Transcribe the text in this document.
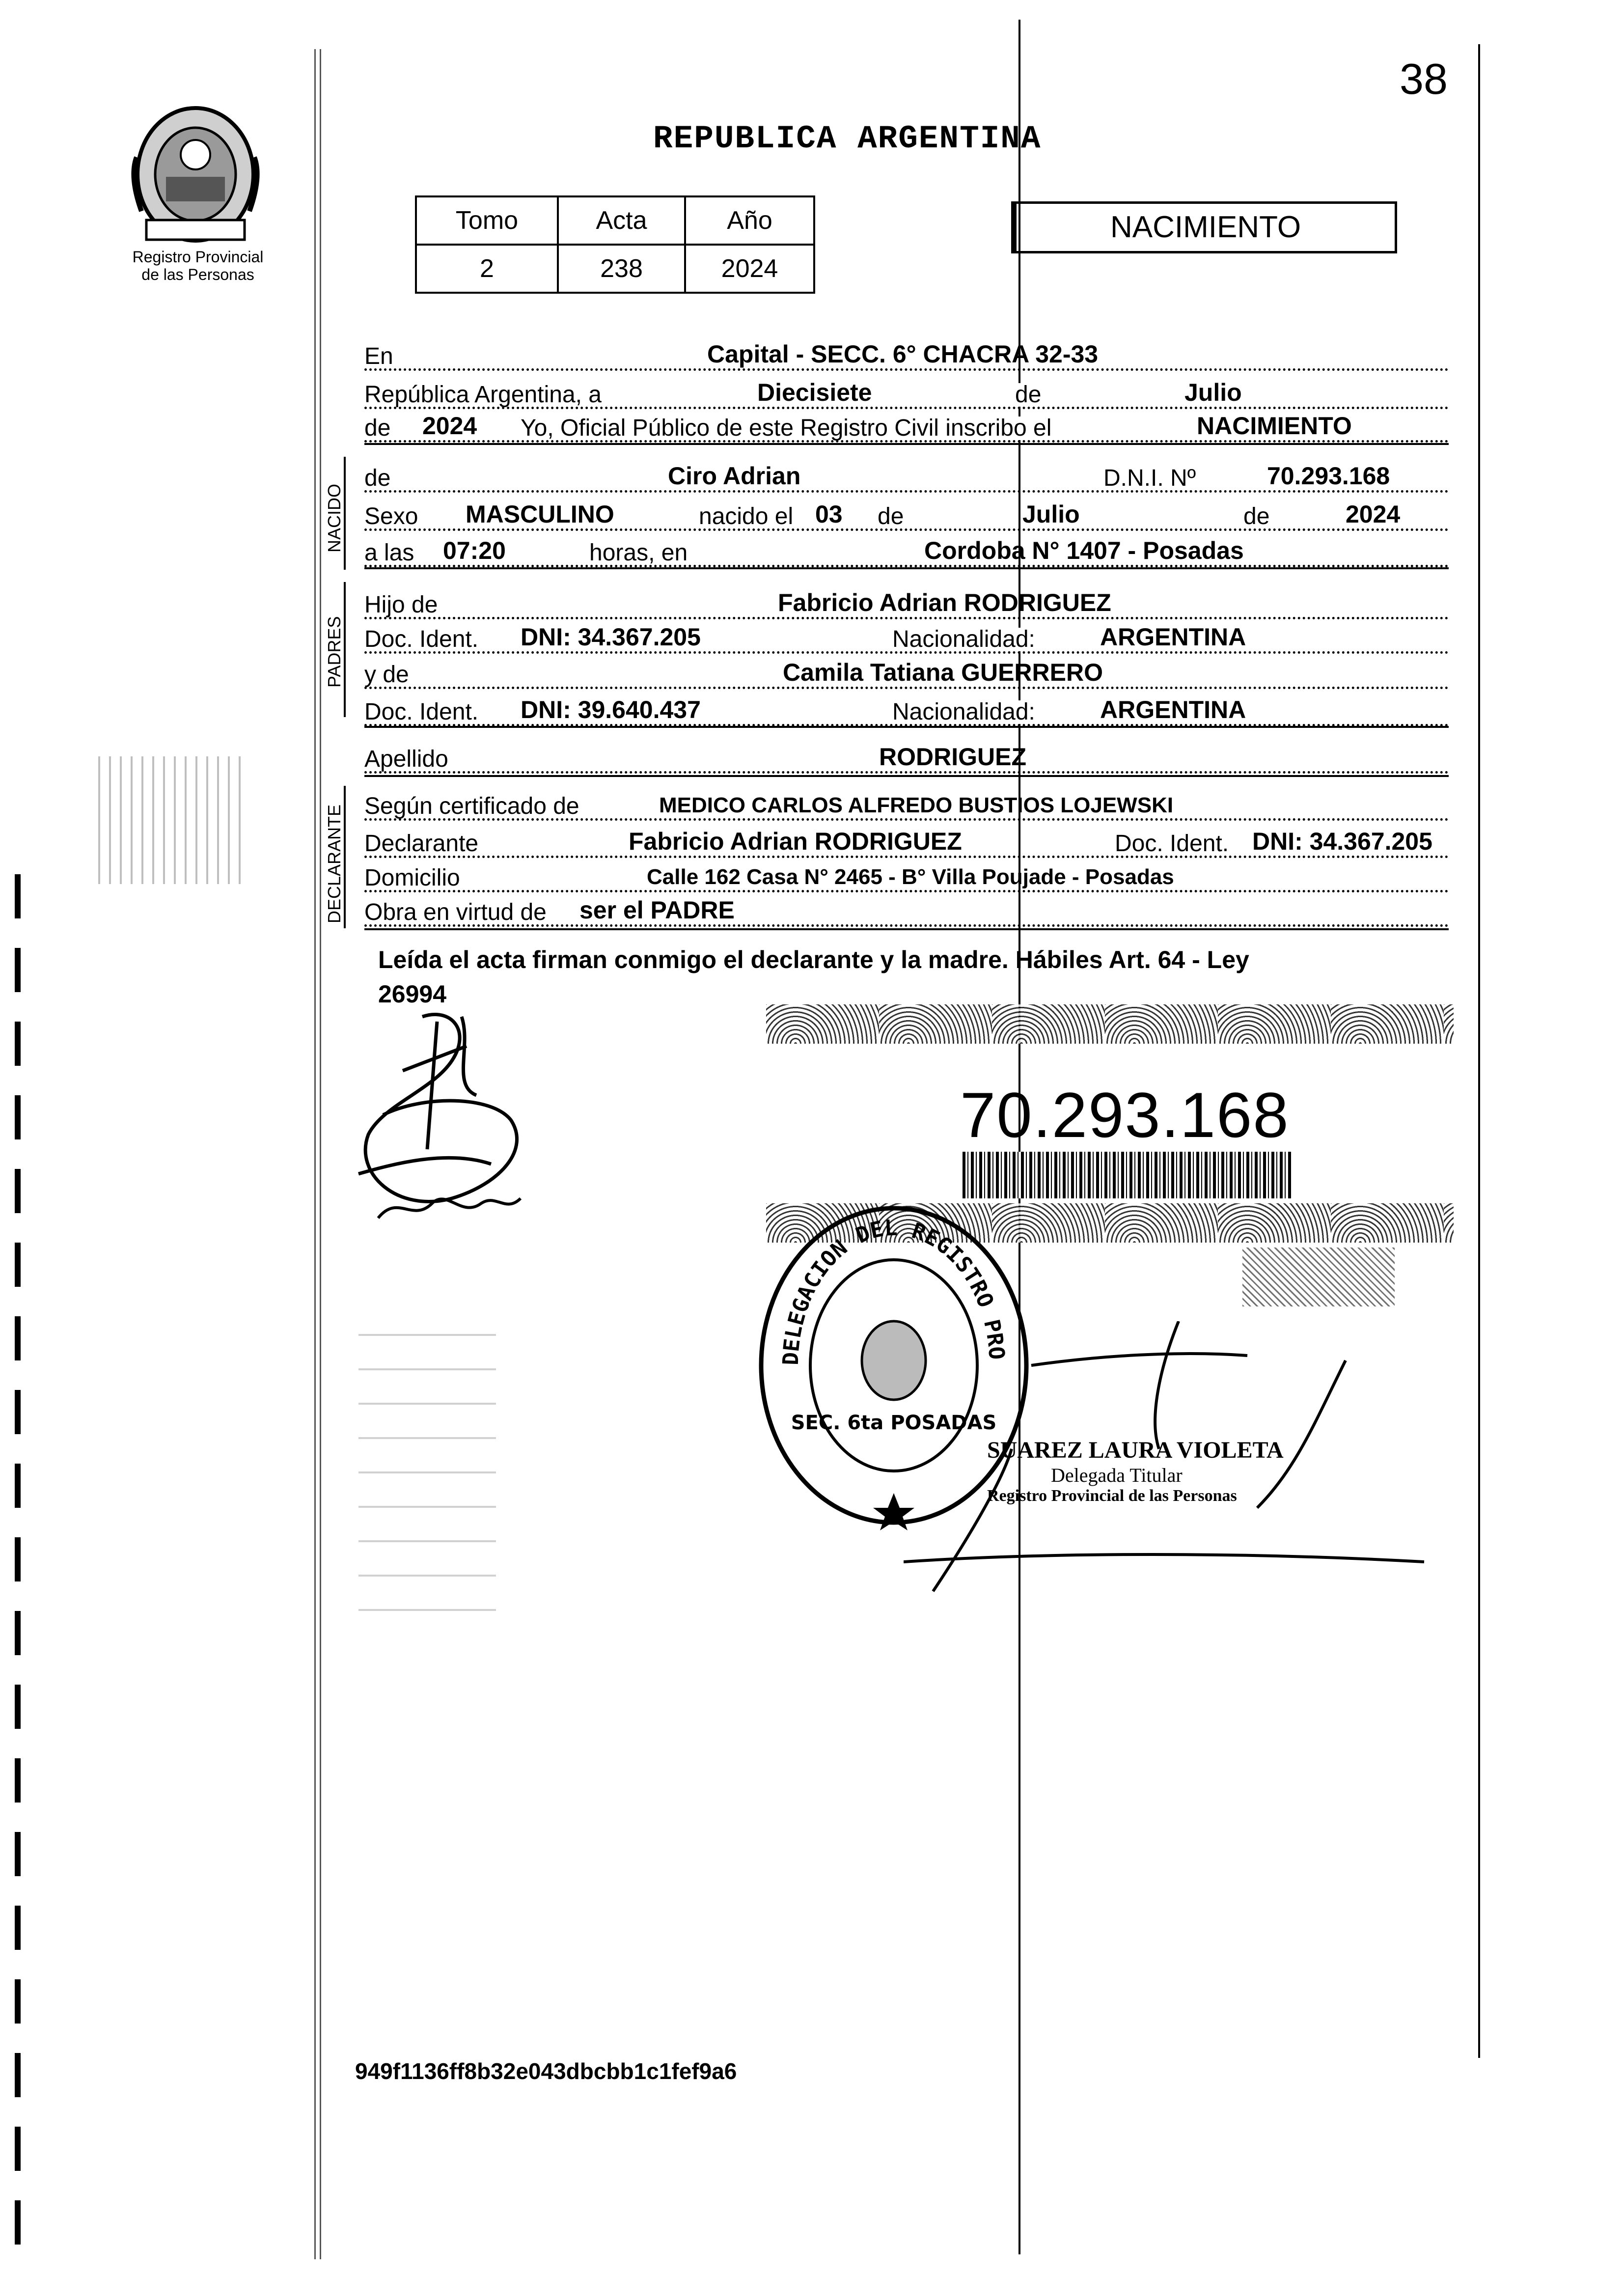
38
Registro Provincial
de las Personas
REPUBLICA ARGENTINA
Tomo	Acta	Año
2	238	2024
NACIMIENTO
En	Capital - SECC. 6° CHACRA 32-33
República Argentina, a	Diecisiete	de	Julio
de 2024 Yo, Oficial Público de este Registro Civil inscribo el	NACIMIENTO
NACIDO
de	Ciro Adrian	D.N.I. Nº	70.293.168
Sexo MASCULINO	nacido el 03 de	Julio	de	2024
a las 07:20	horas, en	Cordoba N° 1407 - Posadas
PADRES
Hijo de	Fabricio Adrian RODRIGUEZ
Doc. Ident. DNI: 34.367.205	Nacionalidad:	ARGENTINA
y de	Camila Tatiana GUERRERO
Doc. Ident. DNI: 39.640.437	Nacionalidad:	ARGENTINA
Apellido	RODRIGUEZ
DECLARANTE Según certificado de	MEDICO CARLOS ALFREDO BUSTIOS LOJEWSKI
Declarante	Fabricio Adrian RODRIGUEZ	Doc. Ident. DNI: 34.367.205
Domicilio	Calle 162 Casa N° 2465 - B° Villa Poujade - Posadas
Obra en virtud de ser el PADRE
Leída el acta firman conmigo el declarante y la madre. Hábiles Art. 64 - Ley
26994
70.293.168
DELEGACION DEL REGISTRO PRO
SEC. 6ta POSADAS
SUAREZ LAURA VIOLETA
Delegada Titular
Registro Provincial de las Personas
949f1136ff8b32e043dbcbb1c1fef9a6
